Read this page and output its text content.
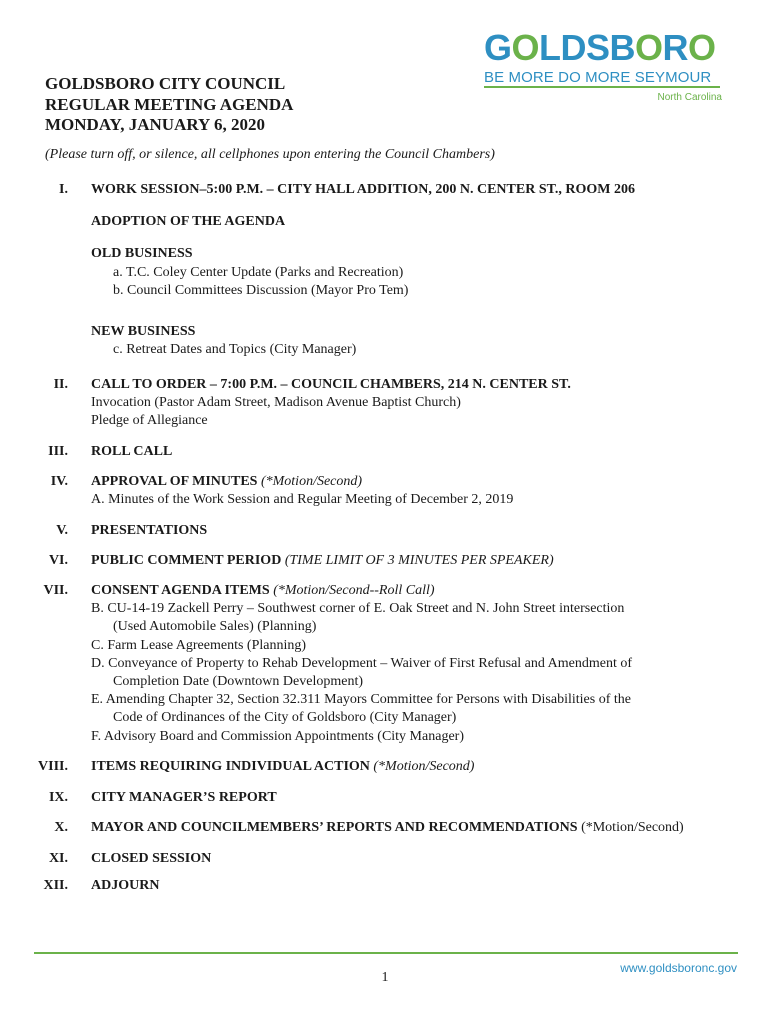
GOLDSBORO
BE MORE DO MORE SEYMOUR
North Carolina
GOLDSBORO CITY COUNCIL
REGULAR MEETING AGENDA
MONDAY, JANUARY 6, 2020
(Please turn off, or silence, all cellphones upon entering the Council Chambers)
I. WORK SESSION–5:00 P.M. – CITY HALL ADDITION, 200 N. CENTER ST., ROOM 206
ADOPTION OF THE AGENDA
OLD BUSINESS
a. T.C. Coley Center Update (Parks and Recreation)
b. Council Committees Discussion (Mayor Pro Tem)
NEW BUSINESS
c. Retreat Dates and Topics (City Manager)
II. CALL TO ORDER – 7:00 P.M. – COUNCIL CHAMBERS, 214 N. CENTER ST.
Invocation (Pastor Adam Street, Madison Avenue Baptist Church)
Pledge of Allegiance
III. ROLL CALL
IV. APPROVAL OF MINUTES (*Motion/Second)
A. Minutes of the Work Session and Regular Meeting of December 2, 2019
V. PRESENTATIONS
VI. PUBLIC COMMENT PERIOD (TIME LIMIT OF 3 MINUTES PER SPEAKER)
VII. CONSENT AGENDA ITEMS (*Motion/Second--Roll Call)
B. CU-14-19 Zackell Perry – Southwest corner of E. Oak Street and N. John Street intersection
(Used Automobile Sales) (Planning)
C. Farm Lease Agreements (Planning)
D. Conveyance of Property to Rehab Development – Waiver of First Refusal and Amendment of
Completion Date (Downtown Development)
E. Amending Chapter 32, Section 32.311 Mayors Committee for Persons with Disabilities of the
Code of Ordinances of the City of Goldsboro (City Manager)
F. Advisory Board and Commission Appointments (City Manager)
VIII. ITEMS REQUIRING INDIVIDUAL ACTION (*Motion/Second)
IX. CITY MANAGER’S REPORT
X. MAYOR AND COUNCILMEMBERS’ REPORTS AND RECOMMENDATIONS (*Motion/Second)
XI. CLOSED SESSION
XII. ADJOURN
www.goldsboronc.gov
1
